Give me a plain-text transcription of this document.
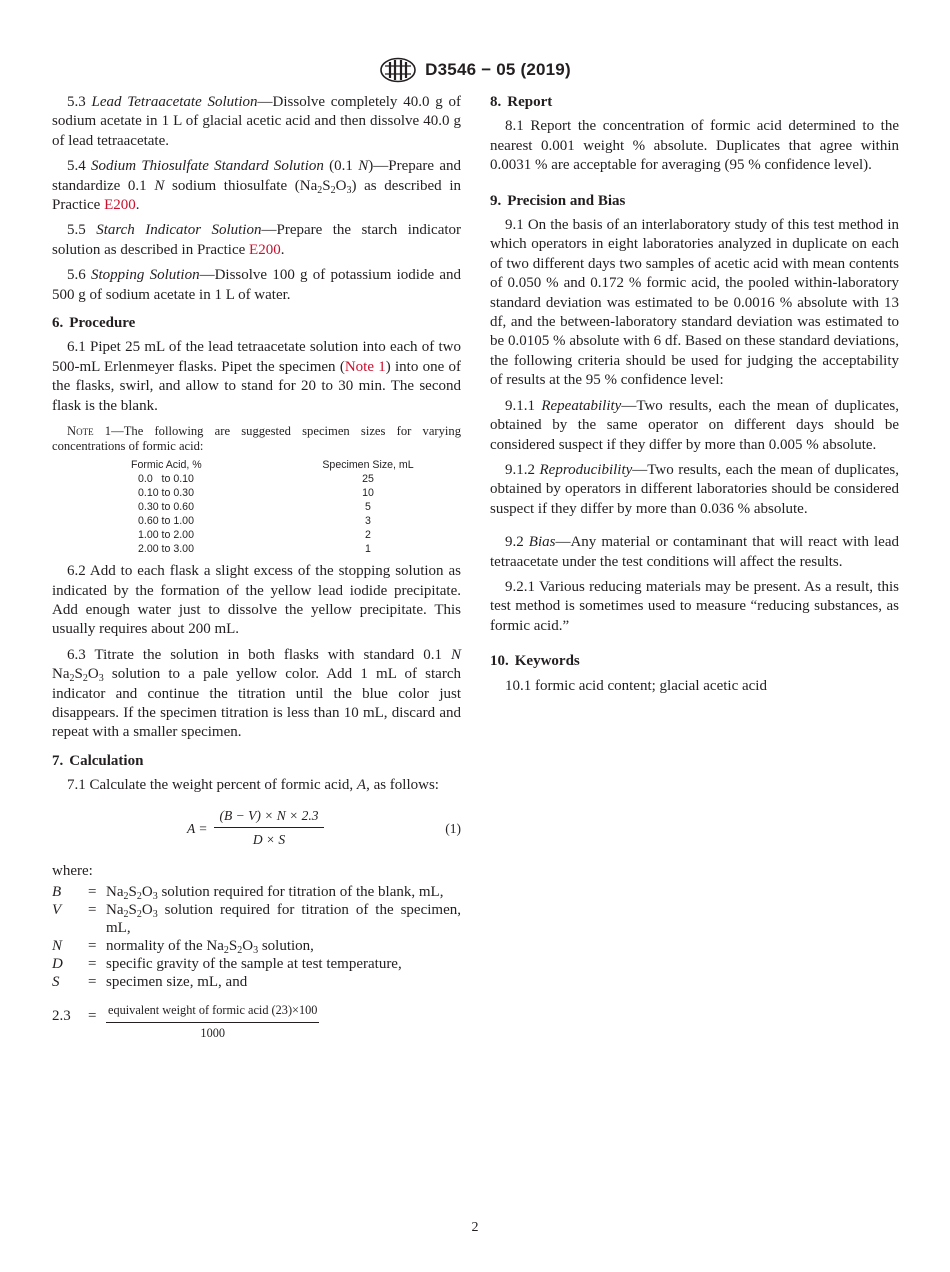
D3546 − 05 (2019)

5.3 Lead Tetraacetate Solution—Dissolve completely 40.0 g of sodium acetate in 1 L of glacial acetic acid and then dissolve 40.0 g of lead tetraacetate.

5.4 Sodium Thiosulfate Standard Solution (0.1 N)—Prepare and standardize 0.1 N sodium thiosulfate $(Na_2S_2O_3)$ as described in Practice E200.

5.5 Starch Indicator Solution—Prepare the starch indicator solution as described in Practice E200.

5.6 Stopping Solution—Dissolve 100 g of potassium iodide and 500 g of sodium acetate in 1 L of water.

6. Procedure

6.1 Pipet 25 mL of the lead tetraacetate solution into each of two 500-mL Erlenmeyer flasks. Pipet the specimen (Note 1) into one of the flasks, swirl, and allow to stand for 20 to 30 min. The second flask is the blank.

Note 1—The following are suggested specimen sizes for varying concentrations of formic acid:
Formic Acid, %	Specimen Size, mL
0.0   to 0.10	25
0.10 to 0.30	10
0.30 to 0.60	5
0.60 to 1.00	3
1.00 to 2.00	2
2.00 to 3.00	1

6.2 Add to each flask a slight excess of the stopping solution as indicated by the formation of the yellow lead iodide precipitate. Add enough water just to dissolve the yellow precipitate. This usually requires about 200 mL.

6.3 Titrate the solution in both flasks with standard 0.1 N $Na_2S_2O_3$ solution to a pale yellow color. Add 1 mL of starch indicator and continue the titration until the blue color just disappears. If the specimen titration is less than 10 mL, discard and repeat with a smaller specimen.

7. Calculation

7.1 Calculate the weight percent of formic acid, A, as follows:

$A = \frac{(B - V) \times N \times 2.3}{D \times S}$	(1)
where:
B	= $Na_2S_2O_3$ solution required for titration of the blank, mL,
V	= $Na_2S_2O_3$ solution required for titration of the specimen, mL,
N	= normality of the $Na_2S_2O_3$ solution,
D	= specific gravity of the sample at test temperature,
S	= specimen size, mL, and
2.3	= equivalent weight of formic acid (23)×100
1000
8. Report

8.1 Report the concentration of formic acid determined to the nearest 0.001 weight % absolute. Duplicates that agree within 0.0031 % are acceptable for averaging (95 % confidence level).

9. Precision and Bias

9.1 On the basis of an interlaboratory study of this test method in which operators in eight laboratories analyzed in duplicate on each of two different days two samples of acetic acid with mean contents of 0.050 % and 0.172 % formic acid, the pooled within-laboratory standard deviation was estimated to be 0.0016 % absolute with 13 df, and the between-laboratory standard deviation was estimated to be 0.0105 % absolute with 6 df. Based on these standard deviations, the following criteria should be used for judging the acceptability of results at the 95 % confidence level:

9.1.1 Repeatability—Two results, each the mean of duplicates, obtained by the same operator on different days should be considered suspect if they differ by more than 0.005 % absolute.

9.1.2 Reproducibility—Two results, each the mean of duplicates, obtained by operators in different laboratories should be considered suspect if they differ by more than 0.036 % absolute.

9.2 Bias—Any material or contaminant that will react with lead tetraacetate under the test conditions will affect the results.

9.2.1 Various reducing materials may be present. As a result, this test method is sometimes used to measure “reducing substances, as formic acid.”

10. Keywords

10.1 formic acid content; glacial acetic acid

2
